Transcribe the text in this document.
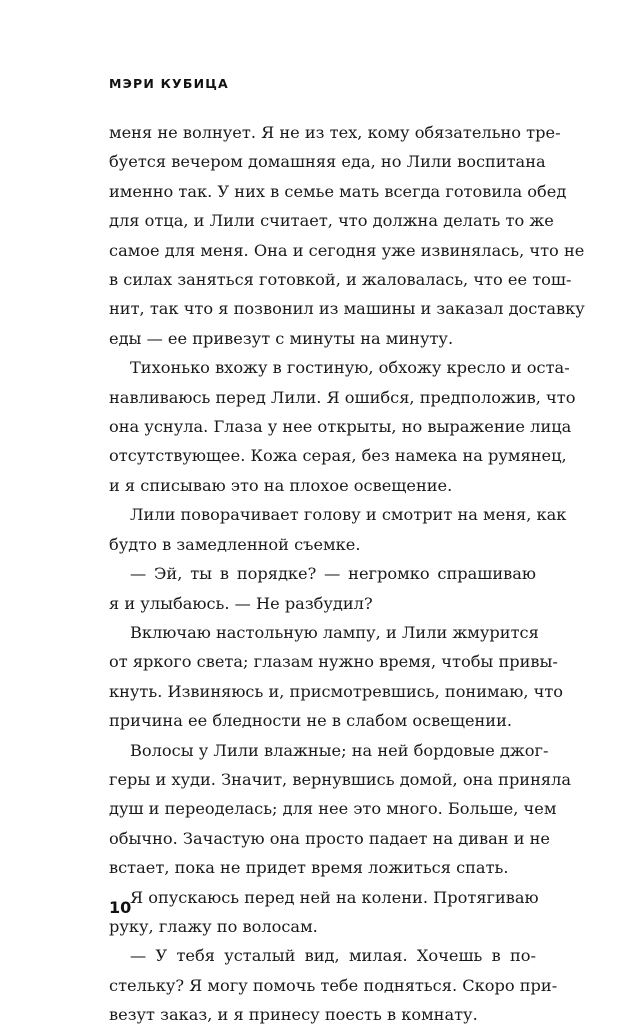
МЭРИ КУБИЦА
меня не волнует. Я не из тех, кому обязательно тре-
буется вечером домашняя еда, но Лили воспитана
именно так. У них в семье мать всегда готовила обед
для отца, и Лили считает, что должна делать то же
самое для меня. Она и сегодня уже извинялась, что не
в силах заняться готовкой, и жаловалась, что ее тош-
нит, так что я позвонил из машины и заказал доставку
еды — ее привезут с минуты на минуту.
Тихонько вхожу в гостиную, обхожу кресло и оста-
навливаюсь перед Лили. Я ошибся, предположив, что
она уснула. Глаза у нее открыты, но выражение лица
отсутствующее. Кожа серая, без намека на румянец,
и я списываю это на плохое освещение.
Лили поворачивает голову и смотрит на меня, как
будто в замедленной съемке.
— Эй, ты в порядке? — негромко спрашиваю
я и улыбаюсь. — Не разбудил?
Включаю настольную лампу, и Лили жмурится
от яркого света; глазам нужно время, чтобы привы-
кнуть. Извиняюсь и, присмотревшись, понимаю, что
причина ее бледности не в слабом освещении.
Волосы у Лили влажные; на ней бордовые джог-
геры и худи. Значит, вернувшись домой, она приняла
душ и переоделась; для нее это много. Больше, чем
обычно. Зачастую она просто падает на диван и не
встает, пока не придет время ложиться спать.
Я опускаюсь перед ней на колени. Протягиваю
руку, глажу по волосам.
— У тебя усталый вид, милая. Хочешь в по-
стельку? Я могу помочь тебе подняться. Скоро при-
везут заказ, и я принесу поесть в комнату.
10
